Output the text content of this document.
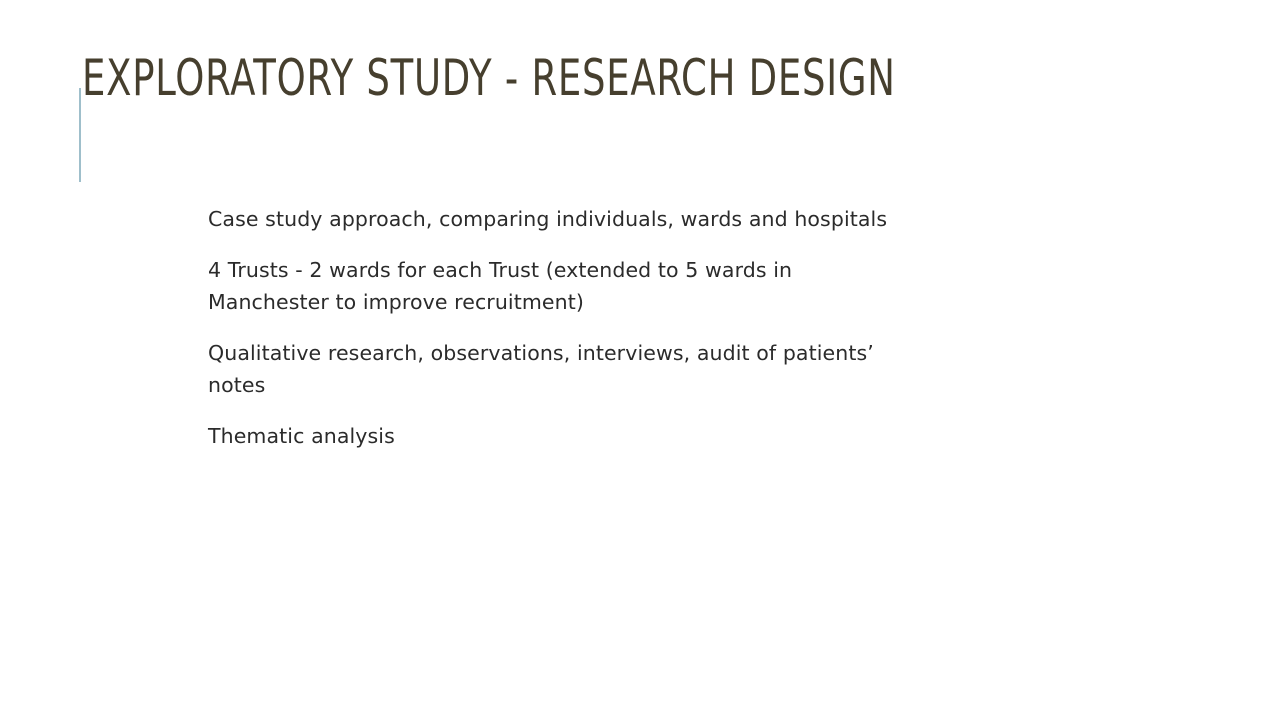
EXPLORATORY STUDY - RESEARCH DESIGN
Case study approach, comparing individuals, wards and hospitals
4 Trusts - 2 wards for each Trust (extended to 5 wards in Manchester to improve recruitment)
Qualitative research, observations, interviews, audit of patients’ notes
Thematic analysis
